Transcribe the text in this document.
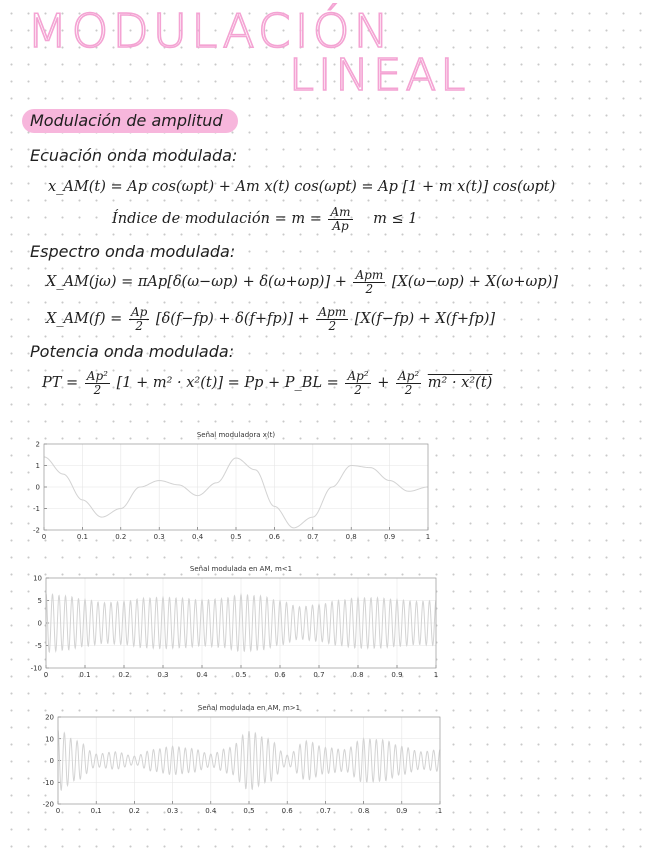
MODULACIÓN
LINEAL

Modulación de amplitud

Ecuación onda modulada:

x_AM(t) = Ap cos(ωpt) + Am x(t) cos(ωpt) = Ap [1 + m x(t)] cos(ωpt)
Índice de modulación = $m = \frac{Am}{Ap}$ m ≤ 1

Espectro onda modulada:

X_AM(jω) = $\pi Ap[\delta(\omega-\omega p) + \delta(\omega+\omega p)] + \frac{\text{Apm}}{2} [X(\omega-\omega p) + X(\omega+\omega p)]$
X_AM(f) = $\frac{Ap}{2} [\delta(f-fp) + \delta(f+fp)] + \frac{\text{Apm}}{2} [X(f-fp) + X(f+fp)]$

Potencia onda modulada:

PT = $\frac{\text{Ap²}}{2} [1 + m^2 \cdot x^2(t)] = Pp$ + P_BL = $\frac{\text{Ap²}}{2} + \frac{\text{Ap²}}{2} m^2 \cdot x^2(t)$
Señal moduladora x(t)
0	0.1	0.2	0.3	0.4	0.5	0.6	0.7	0.8	0.9	1
2
1
0
-1
-2
Señal modulada en AM, m<1
0	0.1	0.2	0.3	0.4	0.5	0.6	0.7	0.8	0.9	1
10
5
0
-5
-10
Señal modulada en AM, m>1
0	0.1	0.2	0.3	0.4	0.5	0.6	0.7	0.8	0.9	1
20
10
0
-10
-20
